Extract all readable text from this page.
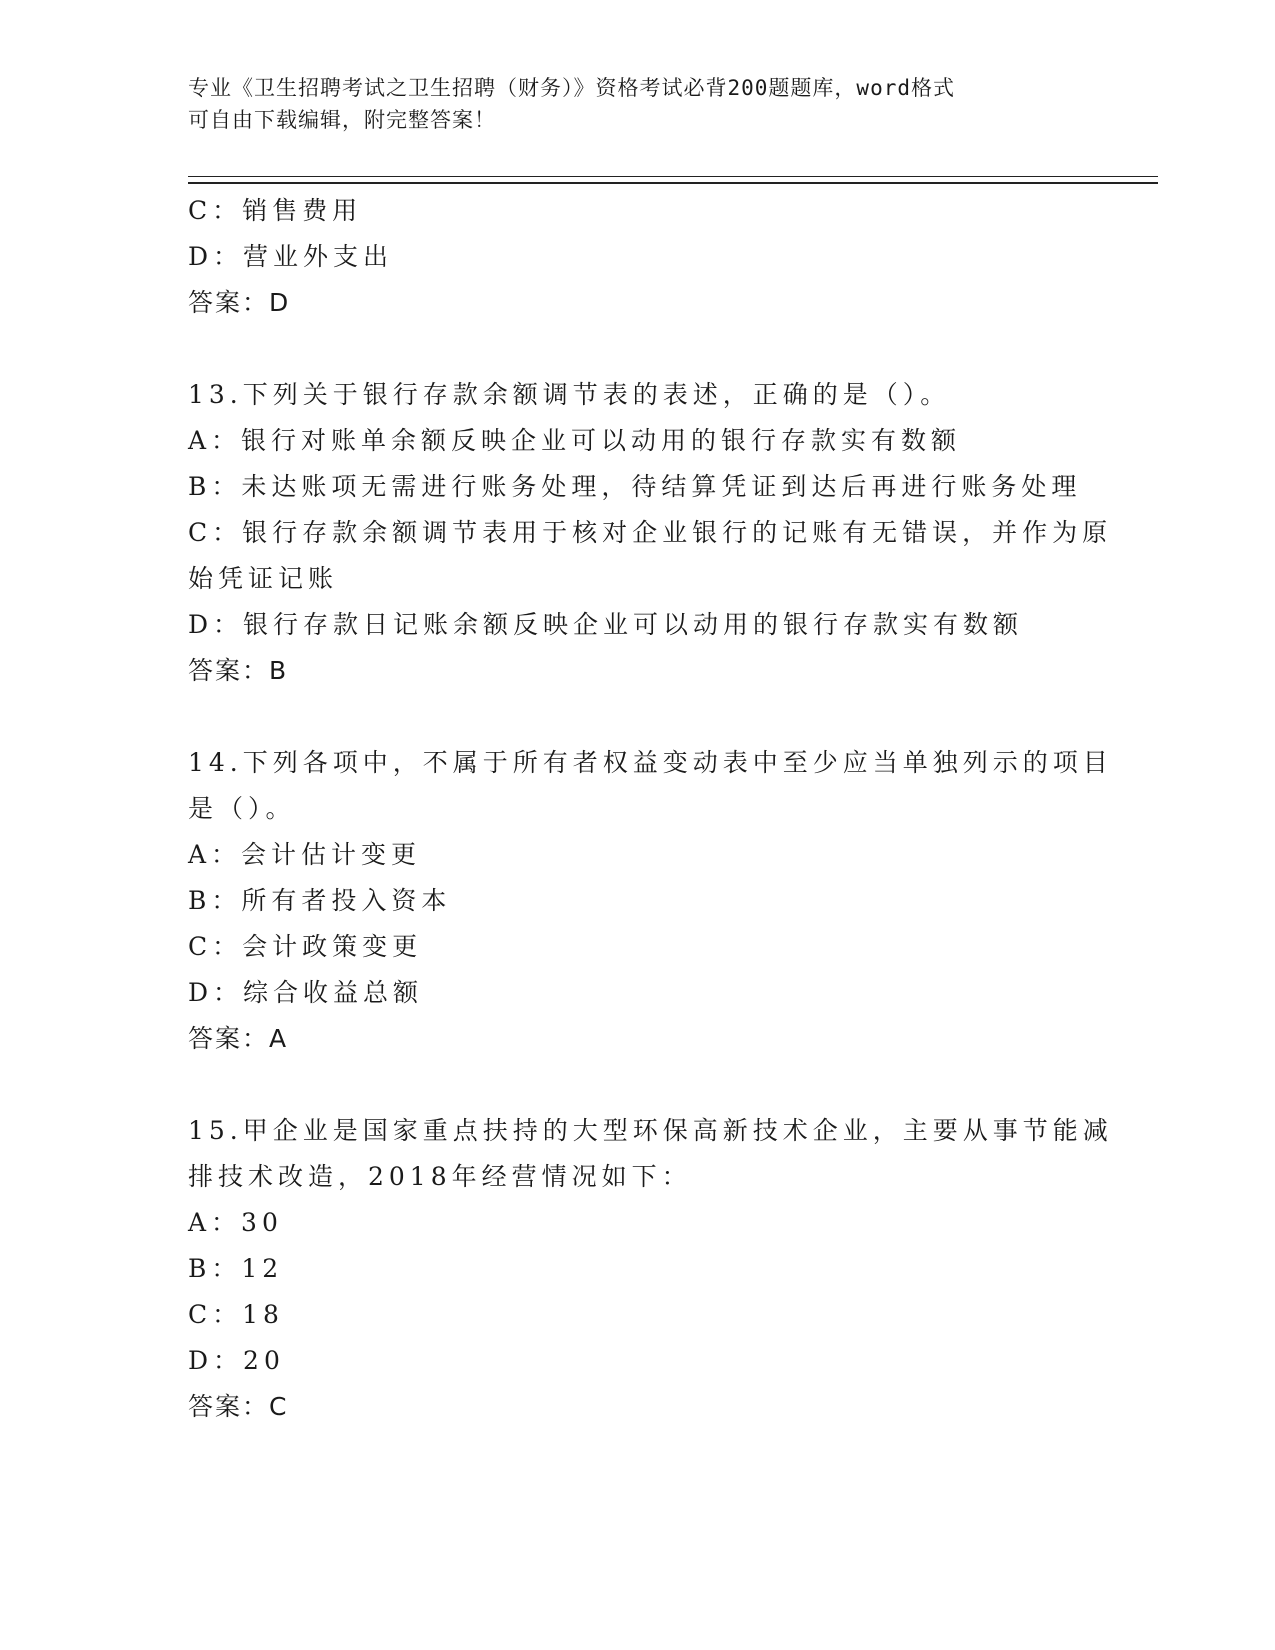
专业《卫生招聘考试之卫生招聘（财务）》资格考试必背200题题库，word格式
可自由下载编辑，附完整答案！
C：销售费用
D：营业外支出
答案：D
13.下列关于银行存款余额调节表的表述，正确的是（）。
A：银行对账单余额反映企业可以动用的银行存款实有数额
B：未达账项无需进行账务处理，待结算凭证到达后再进行账务处理
C：银行存款余额调节表用于核对企业银行的记账有无错误，并作为原
始凭证记账
D：银行存款日记账余额反映企业可以动用的银行存款实有数额
答案：B
14.下列各项中，不属于所有者权益变动表中至少应当单独列示的项目
是（）。
A：会计估计变更
B：所有者投入资本
C：会计政策变更
D：综合收益总额
答案：A
15.甲企业是国家重点扶持的大型环保高新技术企业，主要从事节能减
排技术改造，2018年经营情况如下：
A：30
B：12
C：18
D：20
答案：C
